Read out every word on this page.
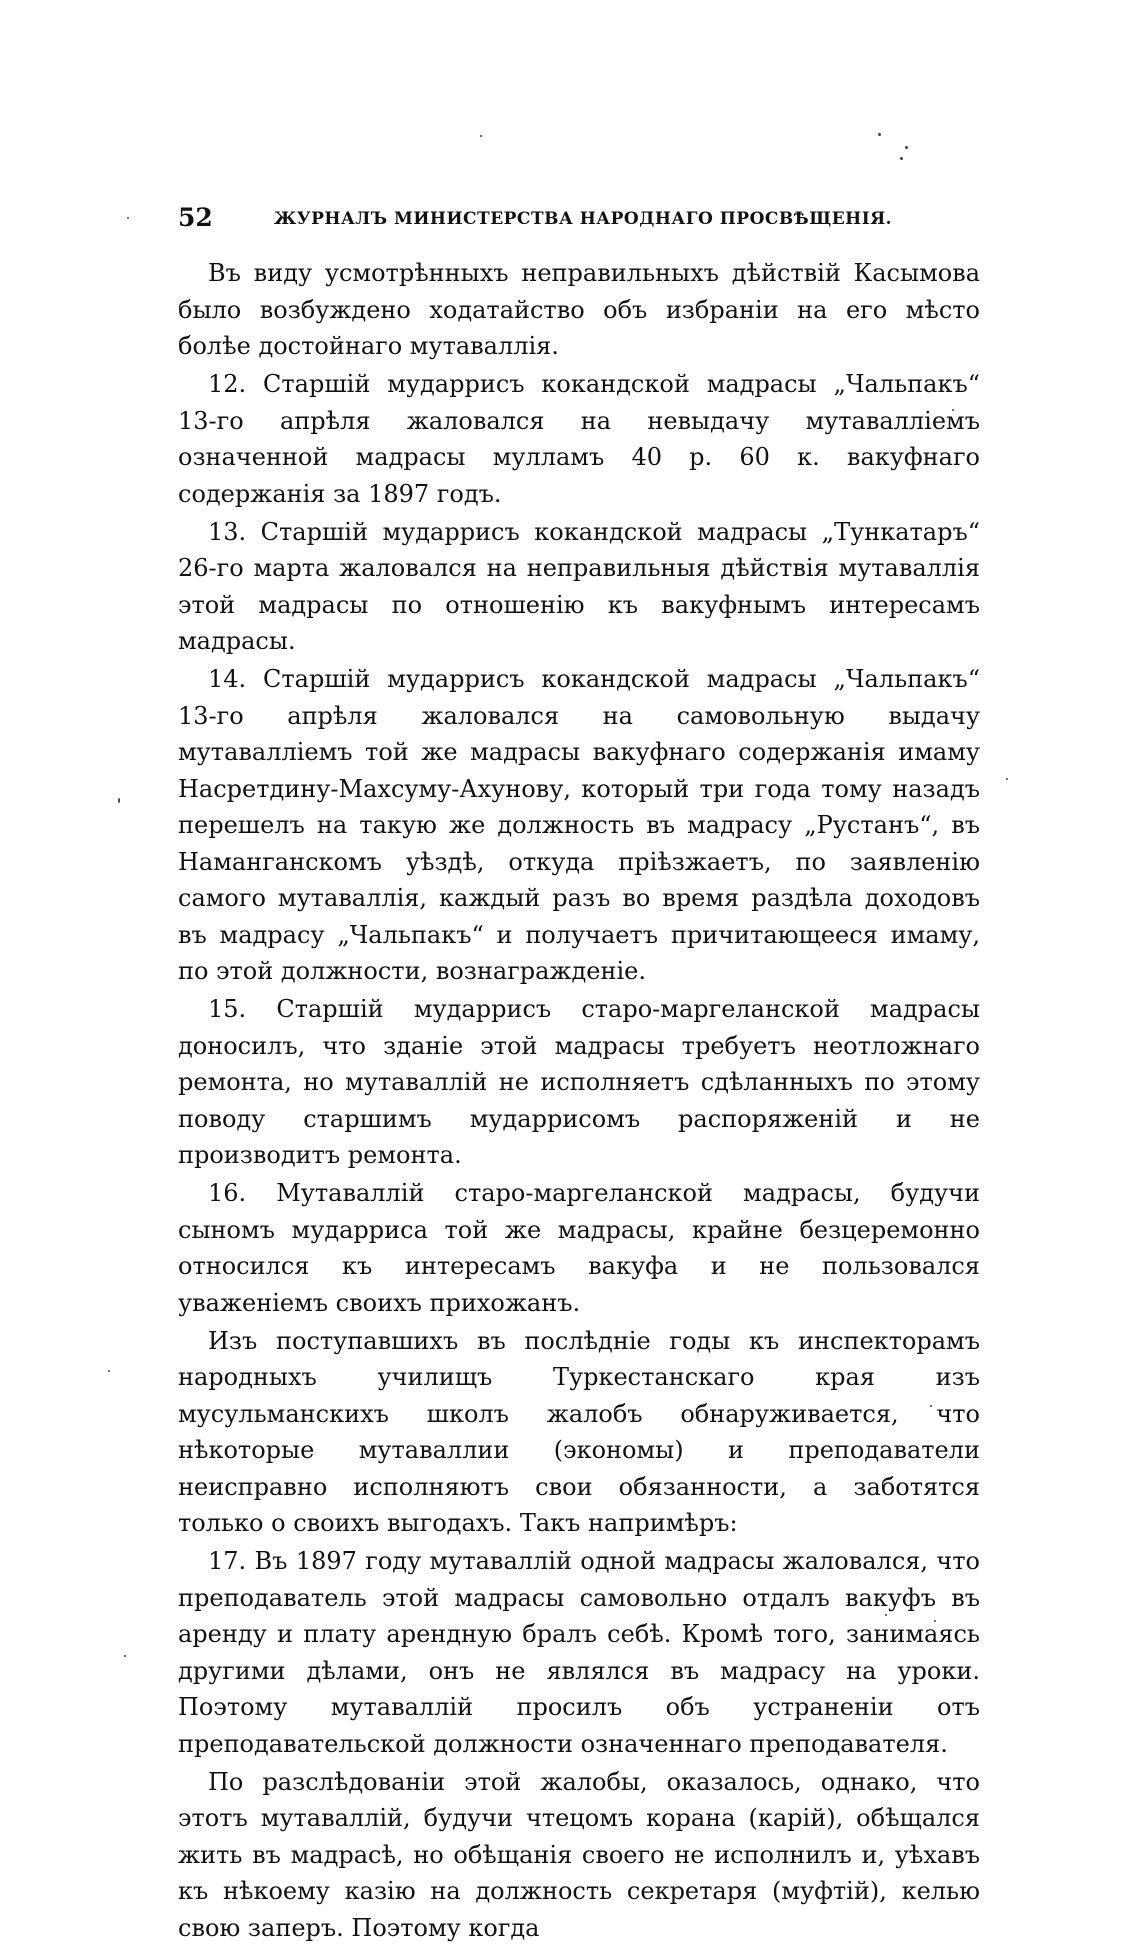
52	ЖУРНАЛЪ МИНИСТЕРСТВА НАРОДНАГО ПРОСВѢЩЕНІЯ.

Въ виду усмотрѣнныхъ неправильныхъ дѣйствій Касымова было возбуждено ходатайство объ избраніи на его мѣсто болѣе достойнаго мутаваллія.

12. Старшій мударрисъ кокандской мадрасы „Чальпакъ“ 13-го апрѣля жаловался на невыдачу мутаваллiемъ означенной мадрасы мулламъ 40 р. 60 к. вакуфнаго содержанія за 1897 годъ.

13. Старшій мударрисъ кокандской мадрасы „Тункатаръ“ 26-го марта жаловался на неправильныя дѣйствія мутаваллія этой мадрасы по отношенію къ вакуфнымъ интересамъ мадрасы.

14. Старшій мударрисъ кокандской мадрасы „Чальпакъ“ 13-го апрѣля жаловался на самовольную выдачу мутаваллiемъ той же мадрасы вакуфнаго содержанія имаму Насретдину-Махсуму-Ахунову, который три года тому назадъ перешелъ на такую же должность въ мадрасу „Рустанъ“, въ Наманганскомъ уѣздѣ, откуда пріѣзжаетъ, по заявленію самого мутаваллія, каждый разъ во время раздѣла доходовъ въ мадрасу „Чальпакъ“ и получаетъ причитающееся имаму, по этой должности, вознагражденіе.

15. Старшій мударрисъ старо-маргеланской мадрасы доносилъ, что зданіе этой мадрасы требуетъ неотложнаго ремонта, но мутаваллій не исполняетъ сдѣланныхъ по этому поводу старшимъ мударрисомъ распоряженій и не производитъ ремонта.

16. Мутаваллій старо-маргеланской мадрасы, будучи сыномъ мударриса той же мадрасы, крайне безцеремонно относился къ интересамъ вакуфа и не пользовался уваженіемъ своихъ прихожанъ.

Изъ поступавшихъ въ послѣдніе годы къ инспекторамъ народныхъ училищъ Туркестанскаго края изъ мусульманскихъ школъ жалобъ обнаруживается, что нѣкоторые мутаваллии (экономы) и преподаватели неисправно исполняютъ свои обязанности, а заботятся только о своихъ выгодахъ. Такъ напримѣръ:

17. Въ 1897 году мутаваллій одной мадрасы жаловался, что преподаватель этой мадрасы самовольно отдалъ вакуфъ въ аренду и плату арендную бралъ себѣ. Кромѣ того, занимаясь другими дѣлами, онъ не являлся въ мадрасу на уроки. Поэтому мутаваллій просилъ объ устраненіи отъ преподавательской должности означеннаго преподавателя.

По разслѣдованіи этой жалобы, оказалось, однако, что этотъ мутаваллій, будучи чтецомъ корана (карій), обѣщался жить въ мадрасѣ, но обѣщанія своего не исполнилъ и, уѣхавъ къ нѣкоему казію на должность секретаря (муфтій), келью свою заперъ. Поэтому когда
